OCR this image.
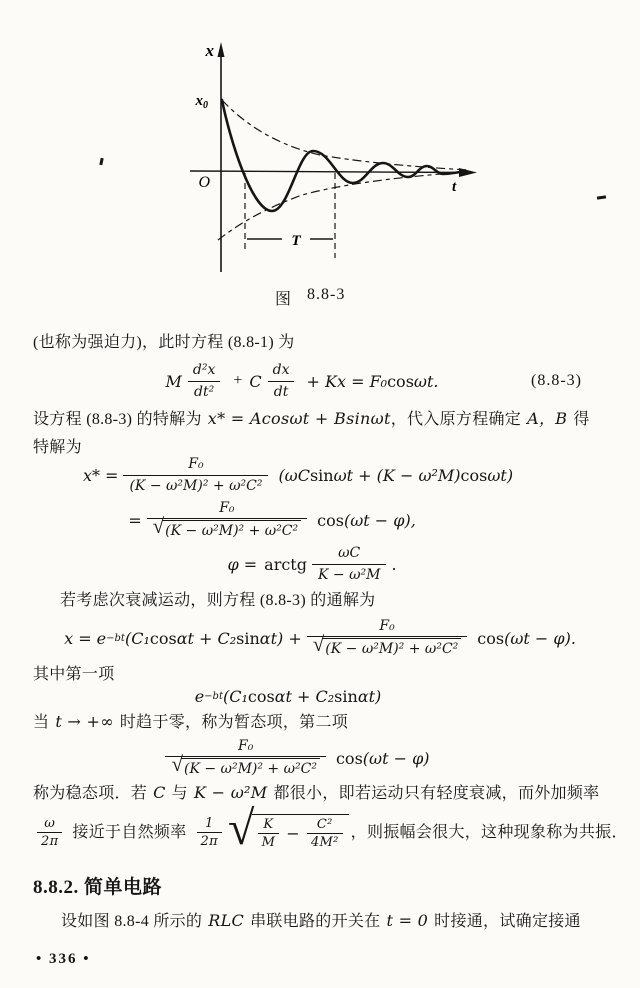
x
$x_0$
O	t
T
图 8.8-3

(也称为强迫力)，此时方程 (8.8-1) 为

M $\frac{\text{d²x}}{\text{dt²}} + C \frac{dx}{dt} + Kx = F_0$ cos ωt.	(8.8-3)

设方程 (8.8-3) 的特解为 x* = Acosωt + Bsinωt，代入原方程确定 A，B 得

特解为

$x* = \frac{\text{F₀}}{\text{(K − ω²M)² + ω²C²}} (\omega C$ sin ωt + (K − ω²M) cos ωt)
= F₀
√
(K − ω²M)² + ω²C² cos (ωt − φ),
φ = arctg $\frac{\omega C}{\text{K − ω²M}}$ .

若考虑次衰减运动，则方程 (8.8-3) 的通解为

x = e −bt (C₁ cos αt + C₂ sin αt) + F₀
√
(K − ω²M)² + ω²C² cos (ωt − φ).

其中第一项

e −bt (C₁ cos αt + C₂ sin αt)

当 t → +∞ 时趋于零，称为暂态项，第二项

F₀
√
(K − ω²M)² + ω²C² cos (ωt − φ)

称为稳态项．若 C 与 K − ω²M 都很小，即若运动只有轻度衰减，而外加频率

$\frac{\omega}{2\pi}$ 接近于自然频率 $\frac{1}{2\pi}$ √	$\frac{K}{M} - \frac{\text{C²}}{\text{4M²}}$ ，则振幅会很大，这种现象称为共振．
8.8.2. 简单电路

设如图 8.8-4 所示的 RLC 串联电路的开关在 t = 0 时接通，试确定接通

• 336 •
